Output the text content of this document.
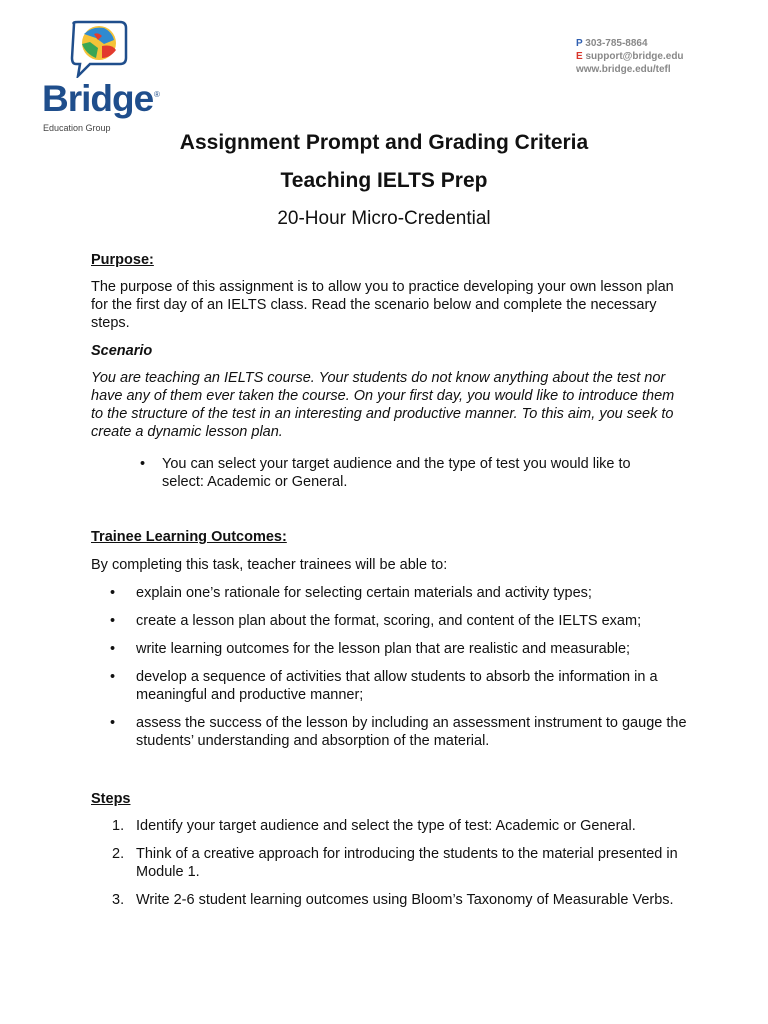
Bridge ®
Education Group
P 303-785-8864
E support@bridge.edu
www.bridge.edu/tefl
Assignment Prompt and Grading Criteria
Teaching IELTS Prep
20-Hour Micro-Credential
Purpose:
The purpose of this assignment is to allow you to practice developing your own lesson plan for the first day of an IELTS class. Read the scenario below and complete the necessary steps.
Scenario
You are teaching an IELTS course. Your students do not know anything about the test nor have any of them ever taken the course. On your first day, you would like to introduce them to the structure of the test in an interesting and productive manner. To this aim, you seek to create a dynamic lesson plan.
• You can select your target audience and the type of test you would like to select: Academic or General.
Trainee Learning Outcomes:
By completing this task, teacher trainees will be able to:
• explain one’s rationale for selecting certain materials and activity types;
• create a lesson plan about the format, scoring, and content of the IELTS exam;
• write learning outcomes for the lesson plan that are realistic and measurable;
• develop a sequence of activities that allow students to absorb the information in a meaningful and productive manner;
• assess the success of the lesson by including an assessment instrument to gauge the students’ understanding and absorption of the material.
Steps
1. Identify your target audience and select the type of test: Academic or General.
2. Think of a creative approach for introducing the students to the material presented in Module 1.
3. Write 2-6 student learning outcomes using Bloom’s Taxonomy of Measurable Verbs.
